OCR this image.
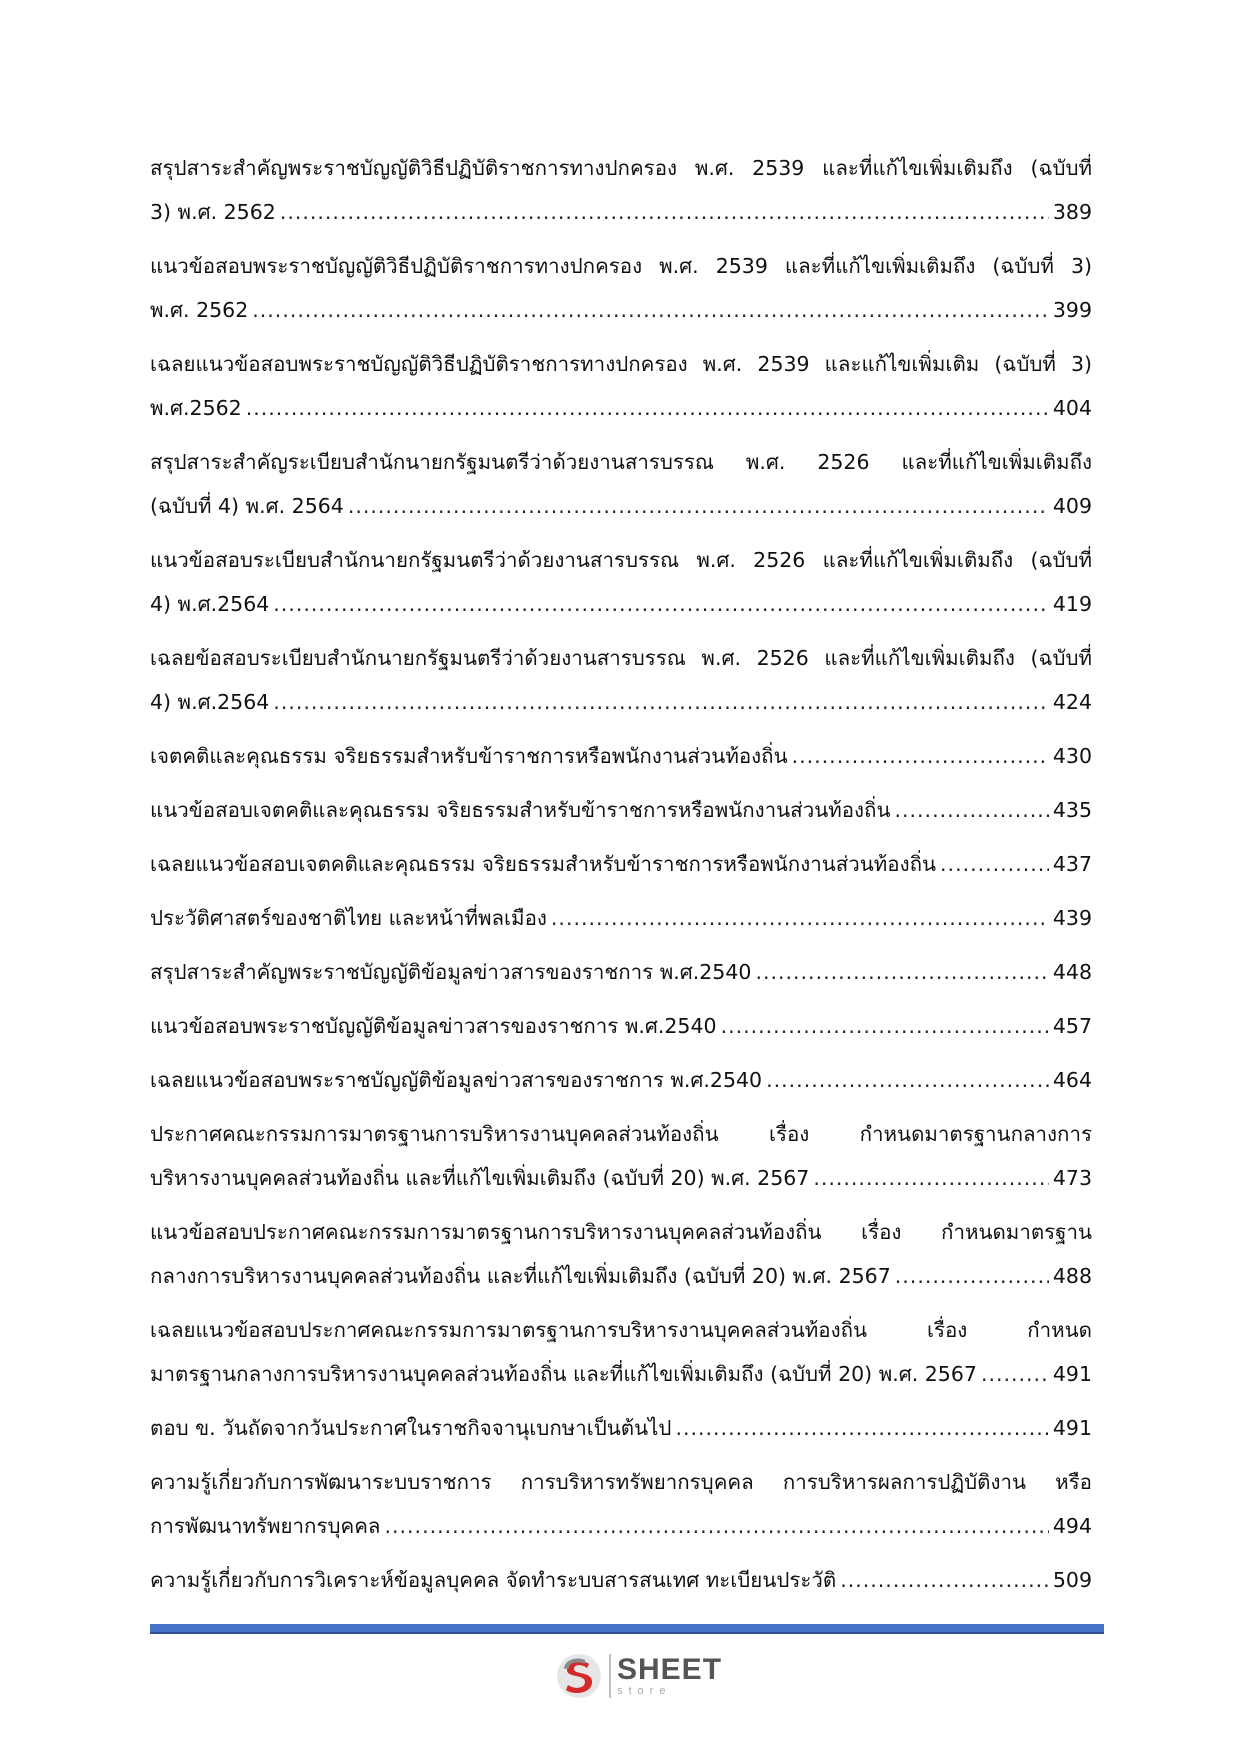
สรุปสาระสำคัญพระราชบัญญัติวิธีปฏิบัติราชการทางปกครอง พ.ศ. 2539 และที่แก้ไขเพิ่มเติมถึง (ฉบับที่
3) พ.ศ. 2562 .....	389
แนวข้อสอบพระราชบัญญัติวิธีปฏิบัติราชการทางปกครอง พ.ศ. 2539 และที่แก้ไขเพิ่มเติมถึง (ฉบับที่ 3)
พ.ศ. 2562 .....	399
เฉลยแนวข้อสอบพระราชบัญญัติวิธีปฏิบัติราชการทางปกครอง พ.ศ. 2539 และแก้ไขเพิ่มเติม (ฉบับที่ 3)
พ.ศ.2562 .....	404
สรุปสาระสำคัญระเบียบสำนักนายกรัฐมนตรีว่าด้วยงานสารบรรณ พ.ศ. 2526 และที่แก้ไขเพิ่มเติมถึง
(ฉบับที่ 4) พ.ศ. 2564 .....	409
แนวข้อสอบระเบียบสำนักนายกรัฐมนตรีว่าด้วยงานสารบรรณ พ.ศ. 2526 และที่แก้ไขเพิ่มเติมถึง (ฉบับที่
4) พ.ศ.2564 .....	419
เฉลยข้อสอบระเบียบสำนักนายกรัฐมนตรีว่าด้วยงานสารบรรณ พ.ศ. 2526 และที่แก้ไขเพิ่มเติมถึง (ฉบับที่
4) พ.ศ.2564 .....	424
เจตคติและคุณธรรม จริยธรรมสำหรับข้าราชการหรือพนักงานส่วนท้องถิ่น .....	430
แนวข้อสอบเจตคติและคุณธรรม จริยธรรมสำหรับข้าราชการหรือพนักงานส่วนท้องถิ่น .....	435
เฉลยแนวข้อสอบเจตคติและคุณธรรม จริยธรรมสำหรับข้าราชการหรือพนักงานส่วนท้องถิ่น .....	437
ประวัติศาสตร์ของชาติไทย และหน้าที่พลเมือง .....	439
สรุปสาระสำคัญพระราชบัญญัติข้อมูลข่าวสารของราชการ พ.ศ.2540 .....	448
แนวข้อสอบพระราชบัญญัติข้อมูลข่าวสารของราชการ พ.ศ.2540 .....	457
เฉลยแนวข้อสอบพระราชบัญญัติข้อมูลข่าวสารของราชการ พ.ศ.2540 .....	464
ประกาศคณะกรรมการมาตรฐานการบริหารงานบุคคลส่วนท้องถิ่น เรื่อง กำหนดมาตรฐานกลางการ
บริหารงานบุคคลส่วนท้องถิ่น และที่แก้ไขเพิ่มเติมถึง (ฉบับที่ 20) พ.ศ. 2567 .....	473
แนวข้อสอบประกาศคณะกรรมการมาตรฐานการบริหารงานบุคคลส่วนท้องถิ่น เรื่อง กำหนดมาตรฐาน
กลางการบริหารงานบุคคลส่วนท้องถิ่น และที่แก้ไขเพิ่มเติมถึง (ฉบับที่ 20) พ.ศ. 2567 .....	488
เฉลยแนวข้อสอบประกาศคณะกรรมการมาตรฐานการบริหารงานบุคคลส่วนท้องถิ่น เรื่อง กำหนด
มาตรฐานกลางการบริหารงานบุคคลส่วนท้องถิ่น และที่แก้ไขเพิ่มเติมถึง (ฉบับที่ 20) พ.ศ. 2567 .....	491
ตอบ ข. วันถัดจากวันประกาศในราชกิจจานุเบกษาเป็นต้นไป .....	491
ความรู้เกี่ยวกับการพัฒนาระบบราชการ การบริหารทรัพยากรบุคคล การบริหารผลการปฏิบัติงาน หรือ
การพัฒนาทรัพยากรบุคคล .....	494
ความรู้เกี่ยวกับการวิเคราะห์ข้อมูลบุคคล จัดทำระบบสารสนเทศ ทะเบียนประวัติ .....	509
SHEET
store
